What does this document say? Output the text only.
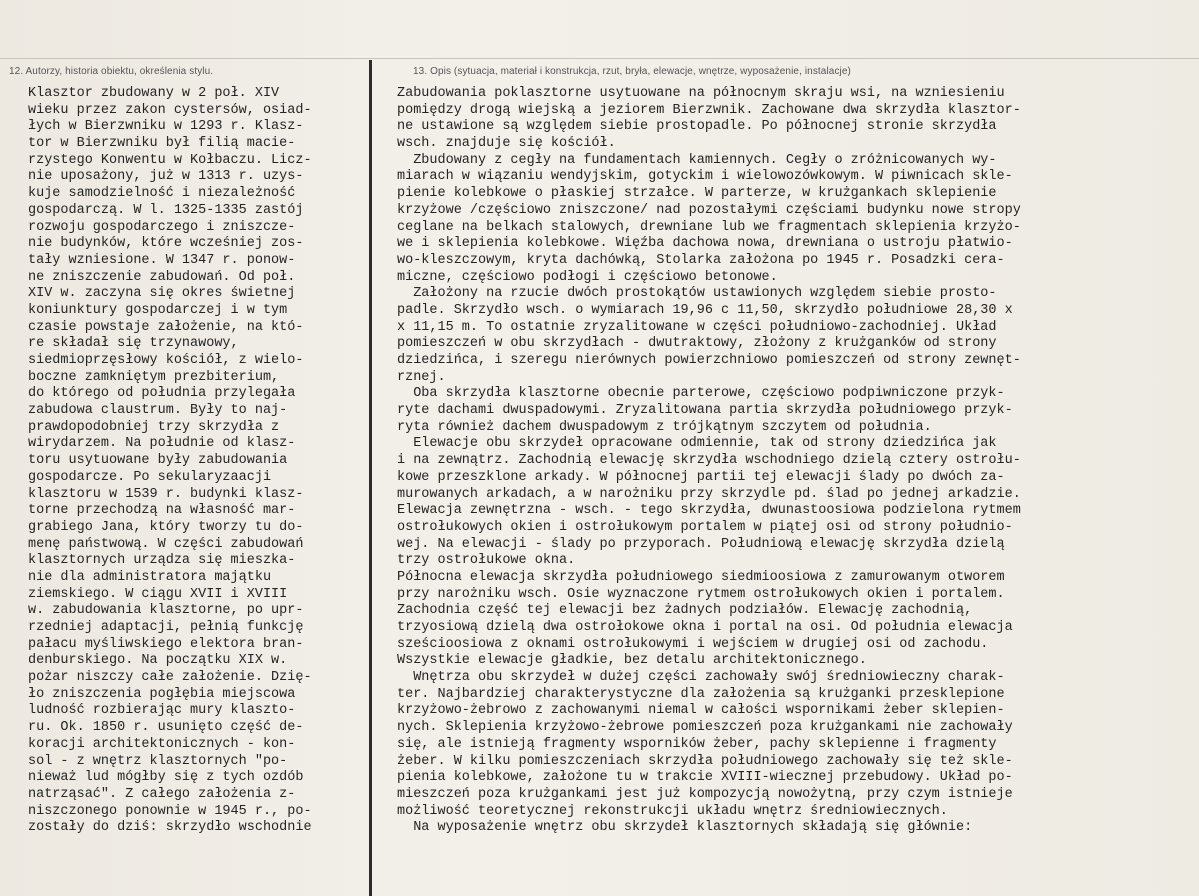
12. Autorzy, historia obiektu, określenia stylu.	13. Opis (sytuacja, materiał i konstrukcja, rzut, bryła, elewacje, wnętrze, wyposażenie, instalacje)
Klasztor zbudowany w 2 poł. XIV
wieku przez zakon cystersów, osiad-
łych w Bierzwniku w 1293 r. Klasz-
tor w Bierzwniku był filią macie-
rzystego Konwentu w Kołbaczu. Licz-
nie uposażony, już w 1313 r. uzys-
kuje samodzielność i niezależność
gospodarczą. W l. 1325-1335 zastój
rozwoju gospodarczego i zniszcze-
nie budynków, które wcześniej zos-
tały wzniesione. W 1347 r. ponow-
ne zniszczenie zabudowań. Od poł.
XIV w. zaczyna się okres świetnej
koniunktury gospodarczej i w tym
czasie powstaje założenie, na któ-
re składał się trzynawowy,
siedmioprzęsłowy kościół, z wielo-
boczne zamkniętym prezbiterium,
do którego od południa przylegała
zabudowa claustrum. Były to naj-
prawdopodobniej trzy skrzydła z
wirydarzem. Na południe od klasz-
toru usytuowane były zabudowania
gospodarcze. Po sekularyzaacji
klasztoru w 1539 r. budynki klasz-
torne przechodzą na własność mar-
grabiego Jana, który tworzy tu do-
menę państwową. W części zabudowań
klasztornych urządza się mieszka-
nie dla administratora majątku
ziemskiego. W ciągu XVII i XVIII
w. zabudowania klasztorne, po upr-
rzedniej adaptacji, pełnią funkcję
pałacu myśliwskiego elektora bran-
denburskiego. Na początku XIX w.
pożar niszczy całe założenie. Dzię-
ło zniszczenia pogłębia miejscowa
ludność rozbierając mury klaszto-
ru. Ok. 1850 r. usunięto część de-
koracji architektonicznych - kon-
sol - z wnętrz klasztornych "po-
nieważ lud mógłby się z tych ozdób
natrząsać". Z całego założenia z-
niszczonego ponownie w 1945 r., po-
zostały do dziś: skrzydło wschodnie
Zabudowania poklasztorne usytuowane na północnym skraju wsi, na wzniesieniu
pomiędzy drogą wiejską a jeziorem Bierzwnik. Zachowane dwa skrzydła klasztor-
ne ustawione są względem siebie prostopadle. Po północnej stronie skrzydła
wsch. znajduje się kościół.
Zbudowany z cegły na fundamentach kamiennych. Cegły o zróżnicowanych wy-
miarach w wiązaniu wendyjskim, gotyckim i wielowozówkowym. W piwnicach skle-
pienie kolebkowe o płaskiej strzałce. W parterze, w krużgankach sklepienie
krzyżowe /częściowo zniszczone/ nad pozostałymi częściami budynku nowe stropy
ceglane na belkach stalowych, drewniane lub we fragmentach sklepienia krzyżo-
we i sklepienia kolebkowe. Więźba dachowa nowa, drewniana o ustroju płatwio-
wo-kleszczowym, kryta dachówką, Stolarka założona po 1945 r. Posadzki cera-
miczne, częściowo podłogi i częściowo betonowe.
Założony na rzucie dwóch prostokątów ustawionych względem siebie prosto-
padle. Skrzydło wsch. o wymiarach 19,96 c 11,50, skrzydło południowe 28,30 x
x 11,15 m. To ostatnie zryzalitowane w części południowo-zachodniej. Układ
pomieszczeń w obu skrzydłach - dwutraktowy, złożony z krużganków od strony
dziedzińca, i szeregu nierównych powierzchniowo pomieszczeń od strony zewnęt-
rznej.
Oba skrzydła klasztorne obecnie parterowe, częściowo podpiwniczone przyk-
ryte dachami dwuspadowymi. Zryzalitowana partia skrzydła południowego przyk-
ryta również dachem dwuspadowym z trójkątnym szczytem od południa.
Elewacje obu skrzydeł opracowane odmiennie, tak od strony dziedzińca jak
i na zewnątrz. Zachodnią elewację skrzydła wschodniego dzielą cztery ostrołu-
kowe przeszklone arkady. W północnej partii tej elewacji ślady po dwóch za-
murowanych arkadach, a w narożniku przy skrzydle pd. ślad po jednej arkadzie.
Elewacja zewnętrzna - wsch. - tego skrzydła, dwunastoosiowa podzielona rytmem
ostrołukowych okien i ostrołukowym portalem w piątej osi od strony południo-
wej. Na elewacji - ślady po przyporach. Południową elewację skrzydła dzielą
trzy ostrołukowe okna.
Północna elewacja skrzydła południowego siedmioosiowa z zamurowanym otworem
przy narożniku wsch. Osie wyznaczone rytmem ostrołukowych okien i portalem.
Zachodnia część tej elewacji bez żadnych podziałów. Elewację zachodnią,
trzyosiową dzielą dwa ostrołokowe okna i portal na osi. Od południa elewacja
sześcioosiowa z oknami ostrołukowymi i wejściem w drugiej osi od zachodu.
Wszystkie elewacje gładkie, bez detalu architektonicznego.
Wnętrza obu skrzydeł w dużej części zachowały swój średniowieczny charak-
ter. Najbardziej charakterystyczne dla założenia są krużganki przesklepione
krzyżowo-żebrowo z zachowanymi niemal w całości wspornikami żeber sklepien-
nych. Sklepienia krzyżowo-żebrowe pomieszczeń poza krużgankami nie zachowały
się, ale istnieją fragmenty wsporników żeber, pachy sklepienne i fragmenty
żeber. W kilku pomieszczeniach skrzydła południowego zachowały się też skle-
pienia kolebkowe, założone tu w trakcie XVIII-wiecznej przebudowy. Układ po-
mieszczeń poza krużgankami jest już kompozycją nowożytną, przy czym istnieje
możliwość teoretycznej rekonstrukcji układu wnętrz średniowiecznych.
Na wyposażenie wnętrz obu skrzydeł klasztornych składają się głównie:
